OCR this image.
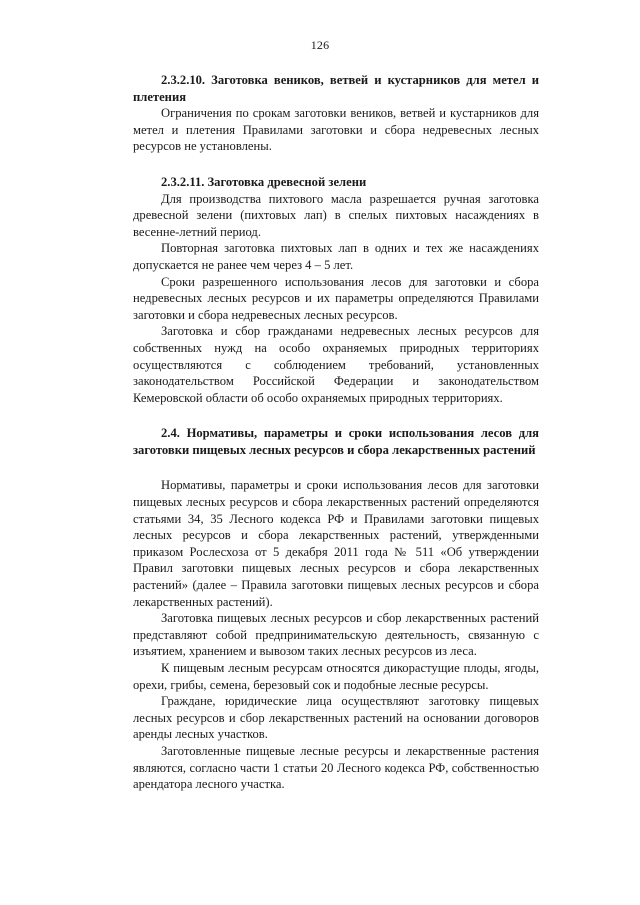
126

2.3.2.10. Заготовка веников, ветвей и кустарников для метел и плетения

Ограничения по срокам заготовки веников, ветвей и кустарников для метел и плетения Правилами заготовки и сбора недревесных лесных ресурсов не установлены.

2.3.2.11. Заготовка древесной зелени

Для производства пихтового масла разрешается ручная заготовка древесной зелени (пихтовых лап) в спелых пихтовых насаждениях в весенне-летний период.

Повторная заготовка пихтовых лап в одних и тех же насаждениях допускается не ранее чем через 4 – 5 лет.

Сроки разрешенного использования лесов для заготовки и сбора недревесных лесных ресурсов и их параметры определяются Правилами заготовки и сбора недревесных лесных ресурсов.

Заготовка и сбор гражданами недревесных лесных ресурсов для собственных нужд на особо охраняемых природных территориях осуществляются с соблюдением требований, установленных законодательством Российской Федерации и законодательством Кемеровской области об особо охраняемых природных территориях.

2.4. Нормативы, параметры и сроки использования лесов для заготовки пищевых лесных ресурсов и сбора лекарственных растений

Нормативы, параметры и сроки использования лесов для заготовки пищевых лесных ресурсов и сбора лекарственных растений определяются статьями 34, 35 Лесного кодекса РФ и Правилами заготовки пищевых лесных ресурсов и сбора лекарственных растений, утвержденными приказом Рослесхоза от 5 декабря 2011 года № 511 «Об утверждении Правил заготовки пищевых лесных ресурсов и сбора лекарственных растений» (далее – Правила заготовки пищевых лесных ресурсов и сбора лекарственных растений).

Заготовка пищевых лесных ресурсов и сбор лекарственных растений представляют собой предпринимательскую деятельность, связанную с изъятием, хранением и вывозом таких лесных ресурсов из леса.

К пищевым лесным ресурсам относятся дикорастущие плоды, ягоды, орехи, грибы, семена, березовый сок и подобные лесные ресурсы.

Граждане, юридические лица осуществляют заготовку пищевых лесных ресурсов и сбор лекарственных растений на основании договоров аренды лесных участков.

Заготовленные пищевые лесные ресурсы и лекарственные растения являются, согласно части 1 статьи 20 Лесного кодекса РФ, собственностью арендатора лесного участка.
